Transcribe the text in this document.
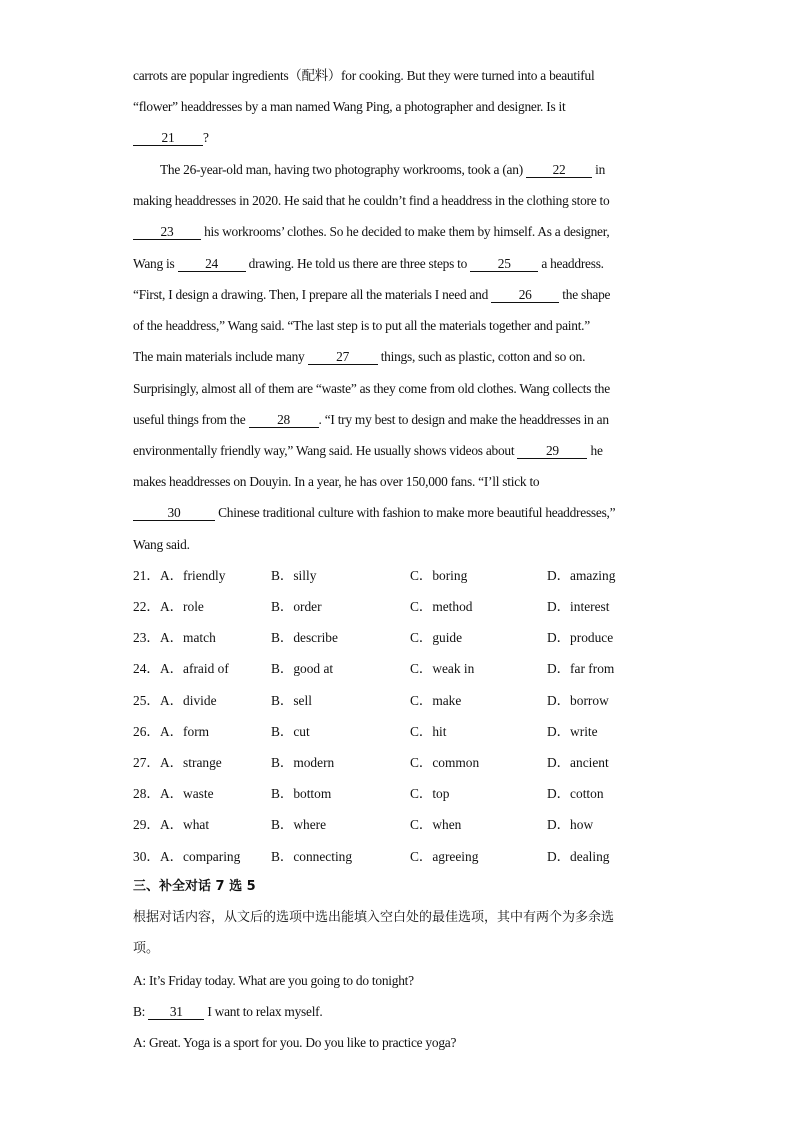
carrots are popular ingredients（配料）for cooking. But they were turned into a beautiful
“flower” headdresses by a man named Wang Ping, a photographer and designer. Is it
21 ?
The 26-year-old man, having two photography workrooms, took a (an) 22 in
making headdresses in 2020. He said that he couldn’t find a headdress in the clothing store to
23 his workrooms’ clothes. So he decided to make them by himself. As a designer,
Wang is 24 drawing. He told us there are three steps to 25 a headdress.
“First, I design a drawing. Then, I prepare all the materials I need and 26 the shape
of the headdress,” Wang said. “The last step is to put all the materials together and paint.”
The main materials include many 27 things, such as plastic, cotton and so on.
Surprisingly, almost all of them are “waste” as they come from old clothes. Wang collects the
useful things from the 28 . “I try my best to design and make the headdresses in an
environmentally friendly way,” Wang said. He usually shows videos about 29 he
makes headdresses on Douyin. In a year, he has over 150,000 fans. “I’ll stick to
30	Chinese traditional culture with fashion to make more beautiful headdresses,”
Wang said.
21． A．friendly	B．silly	C．boring	D．amazing
22． A．role	B．order	C．method	D．interest
23． A．match	B．describe	C．guide	D．produce
24． A．afraid of	B．good at	C．weak in	D．far from
25． A．divide	B．sell	C．make	D．borrow
26． A．form	B．cut	C．hit	D．write
27． A．strange	B．modern	C．common	D．ancient
28． A．waste	B．bottom	C．top	D．cotton
29． A．what	B．where	C．when	D．how
30． A．comparing B．connecting	C．agreeing	D．dealing
三、补全对话 7 选 5
根据对话内容，从文后的选项中选出能填入空白处的最佳选项，其中有两个为多余选
项。
A: It’s Friday today. What are you going to do tonight?
B: 31 I want to relax myself.
A: Great. Yoga is a sport for you. Do you like to practice yoga?
